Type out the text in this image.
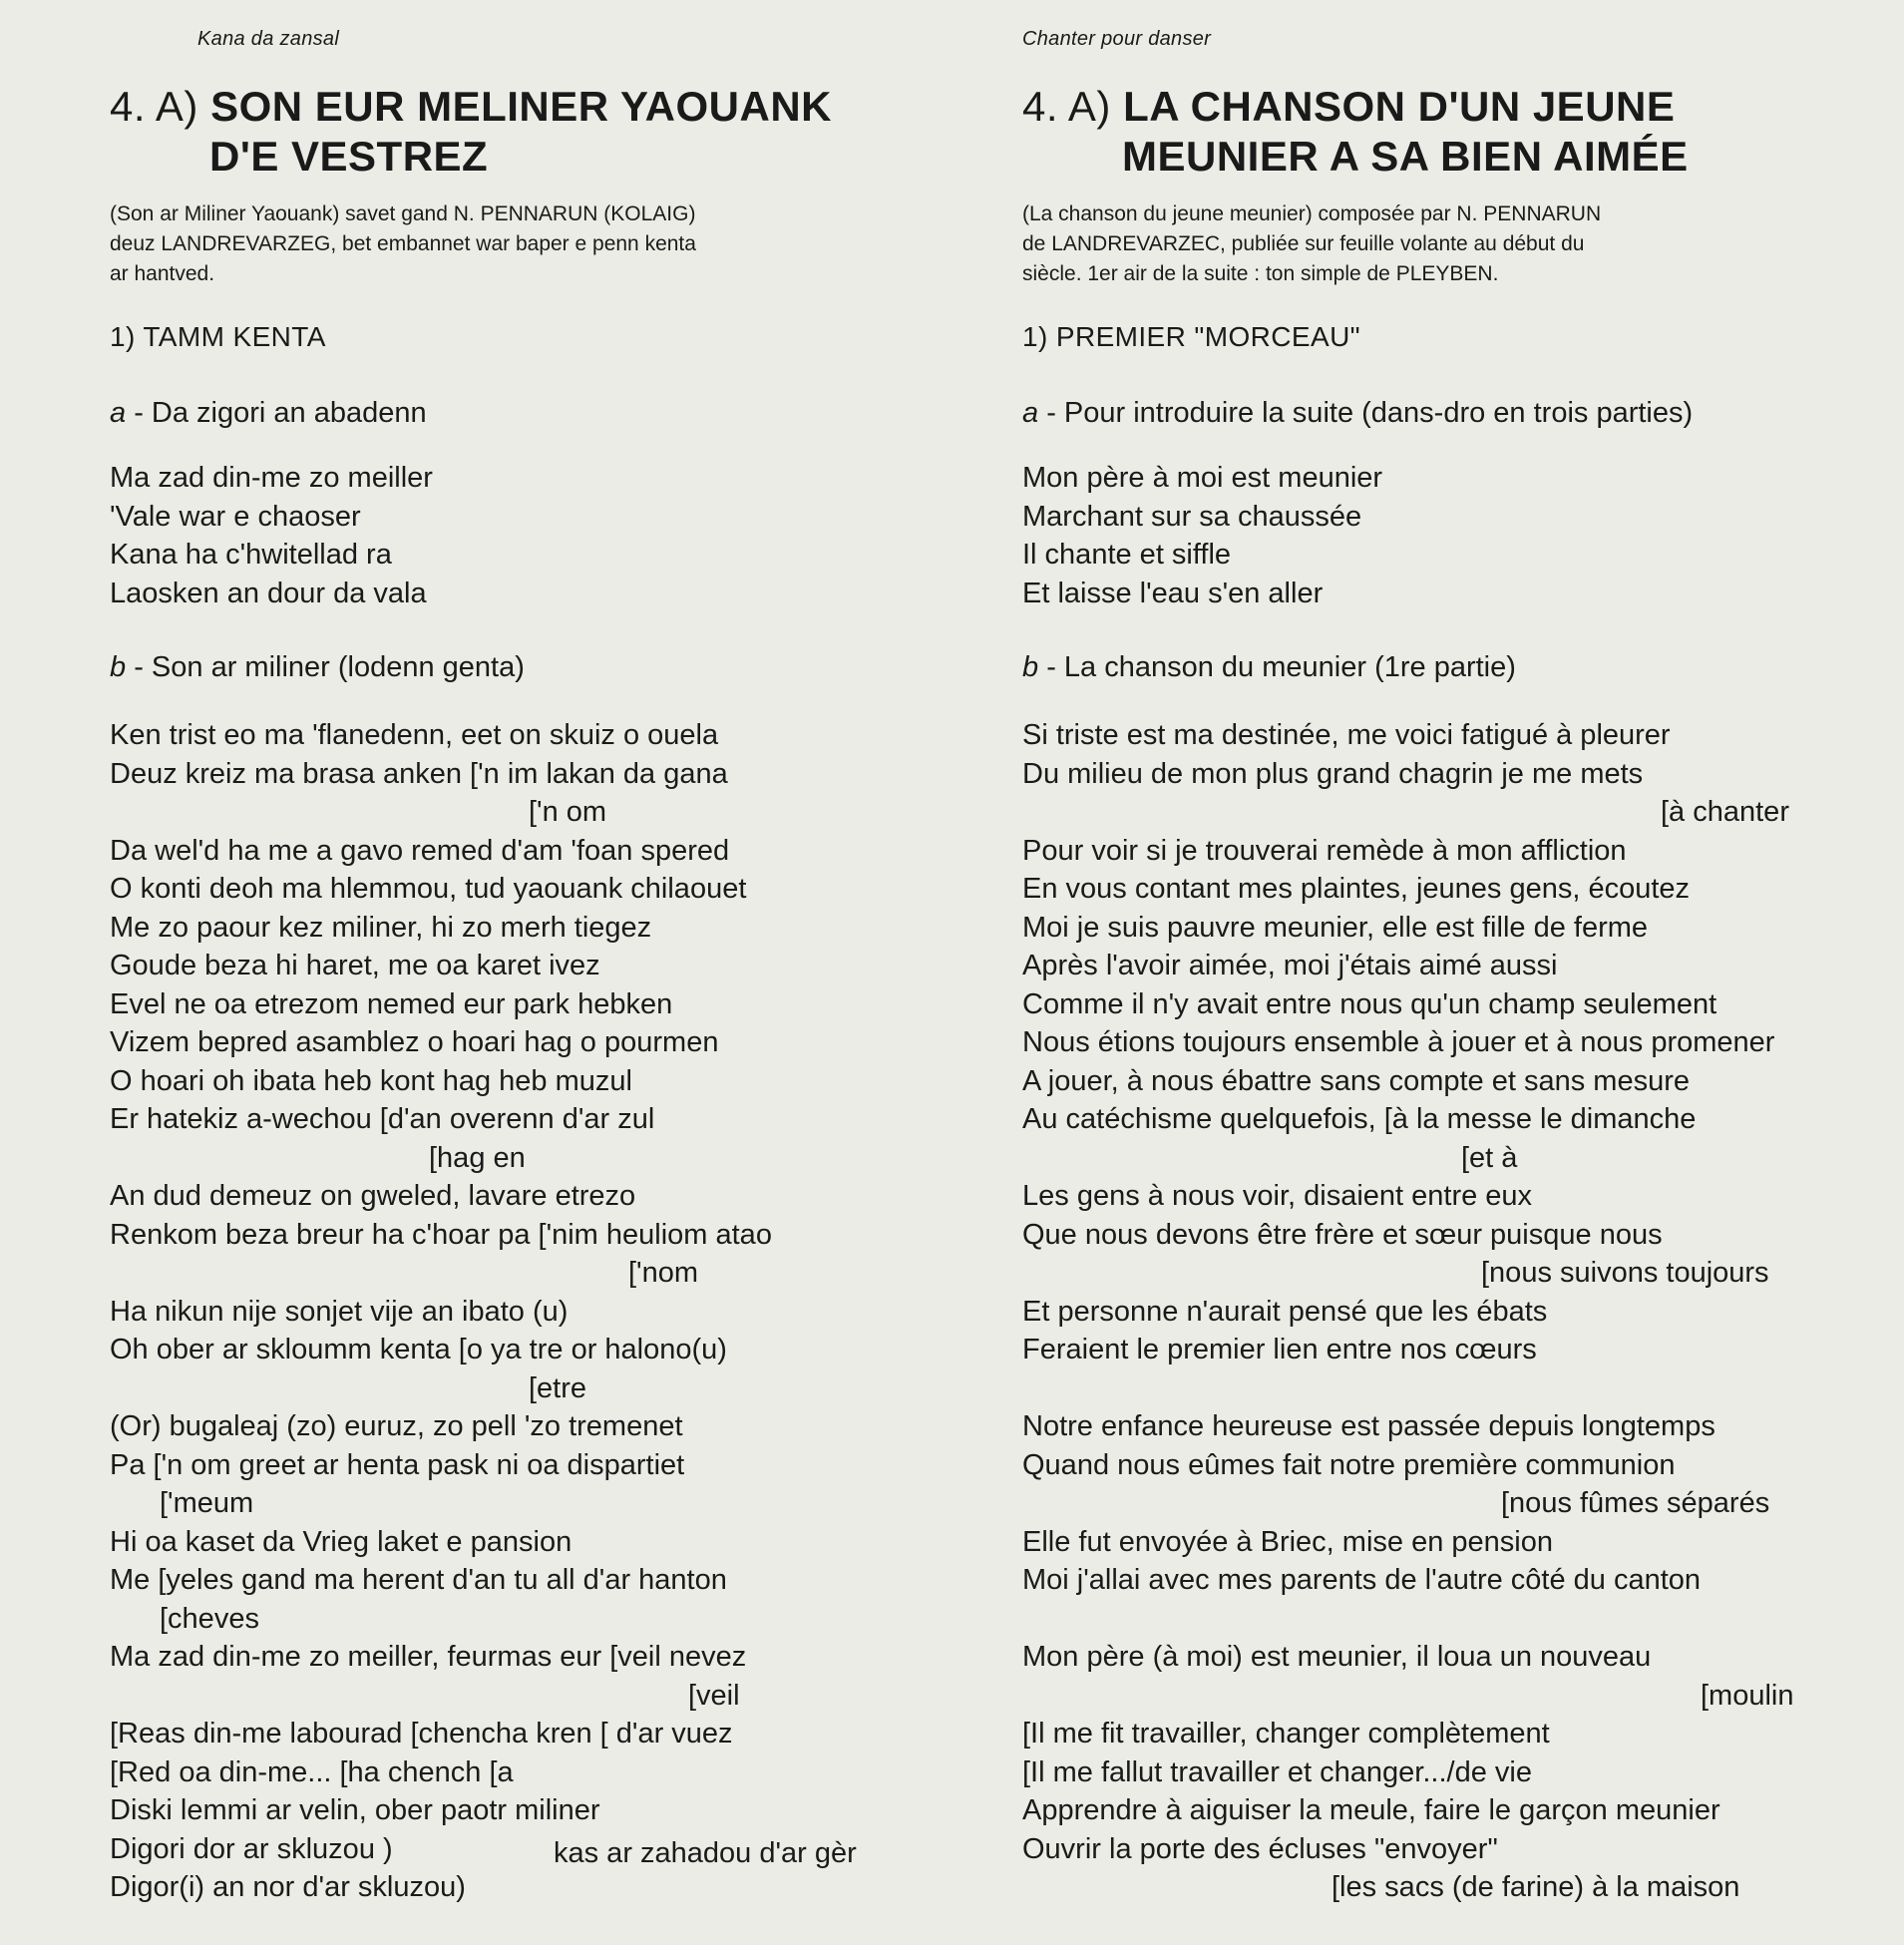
Kana da zansal
4. A) SON EUR MELINER YAOUANK
D'E VESTREZ
(Son ar Miliner Yaouank) savet gand N. PENNARUN (KOLAIG)
deuz LANDREVARZEG, bet embannet war baper e penn kenta
ar hantved.
1) TAMM KENTA
a - Da zigori an abadenn
Ma zad din-me zo meiller
'Vale war e chaoser
Kana ha c'hwitellad ra
Laosken an dour da vala
b - Son ar miliner (lodenn genta)
Ken trist eo ma 'flanedenn, eet on skuiz o ouela
Deuz kreiz ma brasa anken ['n im lakan da gana
['n om
Da wel'd ha me a gavo remed d'am 'foan spered
O konti deoh ma hlemmou, tud yaouank chilaouet
Me zo paour kez miliner, hi zo merh tiegez
Goude beza hi haret, me oa karet ivez
Evel ne oa etrezom nemed eur park hebken
Vizem bepred asamblez o hoari hag o pourmen
O hoari oh ibata heb kont hag heb muzul
Er hatekiz a-wechou [d'an overenn d'ar zul
[hag en
An dud demeuz on gweled, lavare etrezo
Renkom beza breur ha c'hoar pa ['nim heuliom atao
['nom
Ha nikun nije sonjet vije an ibato (u)
Oh ober ar skloumm kenta [o ya tre or halono(u)
[etre
(Or) bugaleaj (zo) euruz, zo pell 'zo tremenet
Pa ['n om greet ar henta pask ni oa dispartiet
['meum
Hi oa kaset da Vrieg laket e pansion
Me [yeles gand ma herent d'an tu all d'ar hanton
[cheves
Ma zad din-me zo meiller, feurmas eur [veil nevez
[veil
[Reas din-me labourad [chencha kren [ d'ar vuez
[Red oa din-me... [ha chench [a
Diski lemmi ar velin, ober paotr miliner
Digori dor ar skluzou )
Digor(i) an nor d'ar skluzou)
kas ar zahadou d'ar gèr
Chanter pour danser
4. A) LA CHANSON D'UN JEUNE
MEUNIER A SA BIEN AIMÉE
(La chanson du jeune meunier) composée par N. PENNARUN
de LANDREVARZEC, publiée sur feuille volante au début du
siècle. 1er air de la suite : ton simple de PLEYBEN.
1) PREMIER "MORCEAU"
a - Pour introduire la suite (dans-dro en trois parties)
Mon père à moi est meunier
Marchant sur sa chaussée
Il chante et siffle
Et laisse l'eau s'en aller
b - La chanson du meunier (1re partie)
Si triste est ma destinée, me voici fatigué à pleurer
Du milieu de mon plus grand chagrin je me mets
[à chanter
Pour voir si je trouverai remède à mon affliction
En vous contant mes plaintes, jeunes gens, écoutez
Moi je suis pauvre meunier, elle est fille de ferme
Après l'avoir aimée, moi j'étais aimé aussi
Comme il n'y avait entre nous qu'un champ seulement
Nous étions toujours ensemble à jouer et à nous promener
A jouer, à nous ébattre sans compte et sans mesure
Au catéchisme quelquefois, [à la messe le dimanche
[et à
Les gens à nous voir, disaient entre eux
Que nous devons être frère et sœur puisque nous
[nous suivons toujours
Et personne n'aurait pensé que les ébats
Feraient le premier lien entre nos cœurs
Notre enfance heureuse est passée depuis longtemps
Quand nous eûmes fait notre première communion
[nous fûmes séparés
Elle fut envoyée à Briec, mise en pension
Moi j'allai avec mes parents de l'autre côté du canton
Mon père (à moi) est meunier, il loua un nouveau
[moulin
[Il me fit travailler, changer complètement
[Il me fallut travailler et changer.../de vie
Apprendre à aiguiser la meule, faire le garçon meunier
Ouvrir la porte des écluses "envoyer"
[les sacs (de farine) à la maison
